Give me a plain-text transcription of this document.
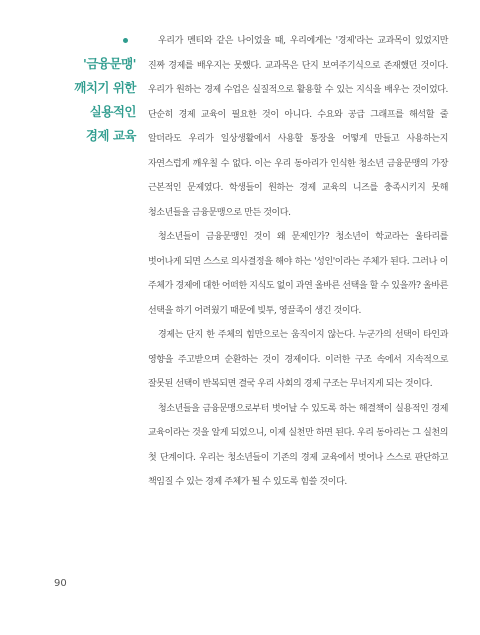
'금융문맹'
깨치기 위한
실용적인
경제 교육

우리가 멘티와 같은 나이었을 때, 우리에게는 '경제'라는 교과목이 있었지만 진짜 경제를 배우지는 못했다. 교과목은 단지 보여주기식으로 존재했던 것이다. 우리가 원하는 경제 수업은 실질적으로 활용할 수 있는 지식을 배우는 것이었다. 단순히 경제 교육이 필요한 것이 아니다. 수요와 공급 그래프를 해석할 줄 알더라도 우리가 일상생활에서 사용할 통장을 어떻게 만들고 사용하는지 자연스럽게 깨우칠 수 없다. 이는 우리 동아리가 인식한 청소년 금융문맹의 가장 근본적인 문제였다. 학생들이 원하는 경제 교육의 니즈를 충족시키지 못해 청소년들을 금융문맹으로 만든 것이다.

청소년들이 금융문맹인 것이 왜 문제인가? 청소년이 학교라는 울타리를 벗어나게 되면 스스로 의사결정을 해야 하는 '성인'이라는 주체가 된다. 그러나 이 주체가 경제에 대한 어떠한 지식도 없이 과연 올바른 선택을 할 수 있을까? 올바른 선택을 하기 어려웠기 때문에 빚투, 영끌족이 생긴 것이다.

경제는 단지 한 주체의 힘만으로는 움직이지 않는다. 누군가의 선택이 타인과 영향을 주고받으며 순환하는 것이 경제이다. 이러한 구조 속에서 지속적으로 잘못된 선택이 반복되면 결국 우리 사회의 경제 구조는 무너지게 되는 것이다.

청소년들을 금융문맹으로부터 벗어날 수 있도록 하는 해결책이 실용적인 경제 교육이라는 것을 알게 되었으니, 이제 실천만 하면 된다. 우리 동아리는 그 실천의 첫 단계이다. 우리는 청소년들이 기존의 경제 교육에서 벗어나 스스로 판단하고 책임질 수 있는 경제 주체가 될 수 있도록 힘쓸 것이다.

90
